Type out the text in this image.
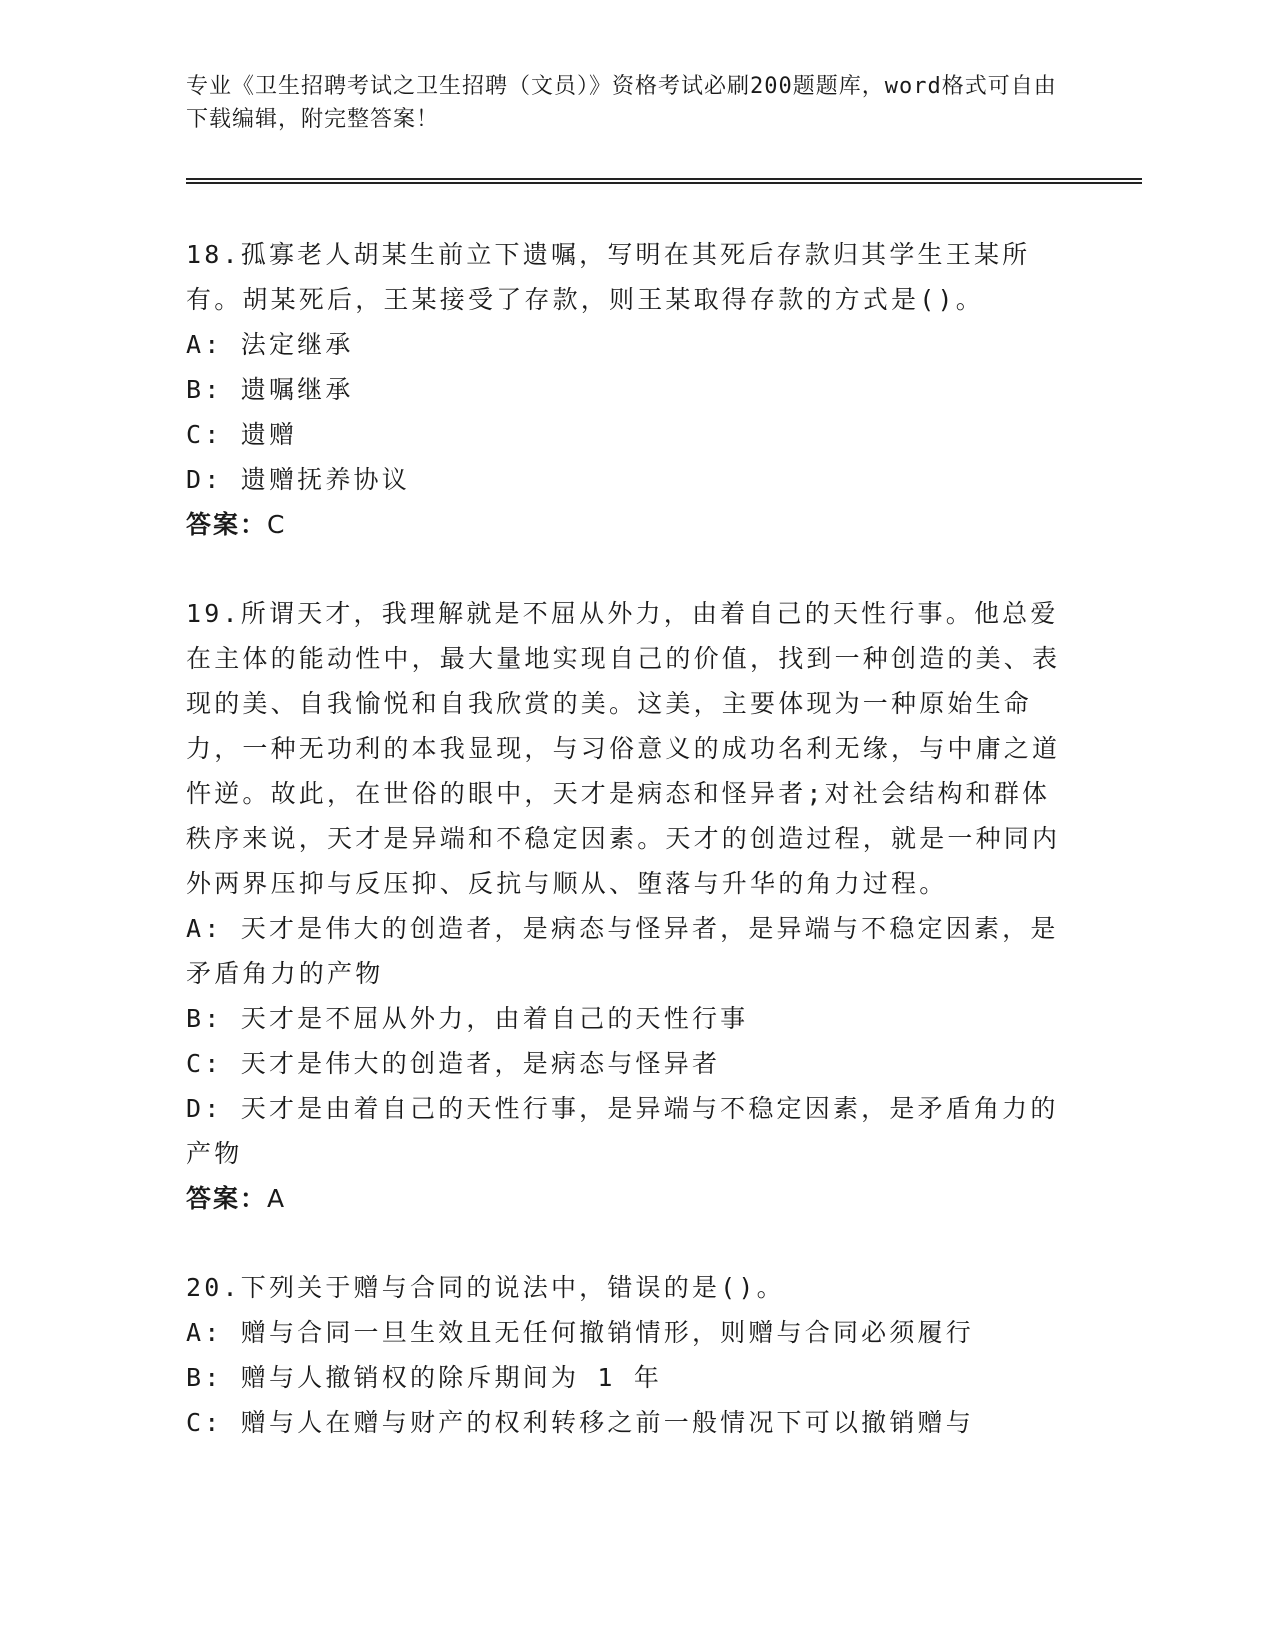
专业《卫生招聘考试之卫生招聘（文员）》资格考试必刷200题题库，word格式可自由下载编辑，附完整答案！
18.孤寡老人胡某生前立下遗嘱，写明在其死后存款归其学生王某所有。胡某死后，王某接受了存款，则王某取得存款的方式是()。
A: 法定继承
B: 遗嘱继承
C: 遗赠
D: 遗赠抚养协议
答案：C
19.所谓天才，我理解就是不屈从外力，由着自己的天性行事。他总爱在主体的能动性中，最大量地实现自己的价值，找到一种创造的美、表现的美、自我愉悦和自我欣赏的美。这美，主要体现为一种原始生命力，一种无功利的本我显现，与习俗意义的成功名利无缘，与中庸之道忤逆。故此，在世俗的眼中，天才是病态和怪异者;对社会结构和群体秩序来说，天才是异端和不稳定因素。天才的创造过程，就是一种同内外两界压抑与反压抑、反抗与顺从、堕落与升华的角力过程。
A: 天才是伟大的创造者，是病态与怪异者，是异端与不稳定因素，是矛盾角力的产物
B: 天才是不屈从外力，由着自己的天性行事
C: 天才是伟大的创造者，是病态与怪异者
D: 天才是由着自己的天性行事，是异端与不稳定因素，是矛盾角力的产物
答案：A
20.下列关于赠与合同的说法中，错误的是()。
A: 赠与合同一旦生效且无任何撤销情形，则赠与合同必须履行
B: 赠与人撤销权的除斥期间为 1 年
C: 赠与人在赠与财产的权利转移之前一般情况下可以撤销赠与
